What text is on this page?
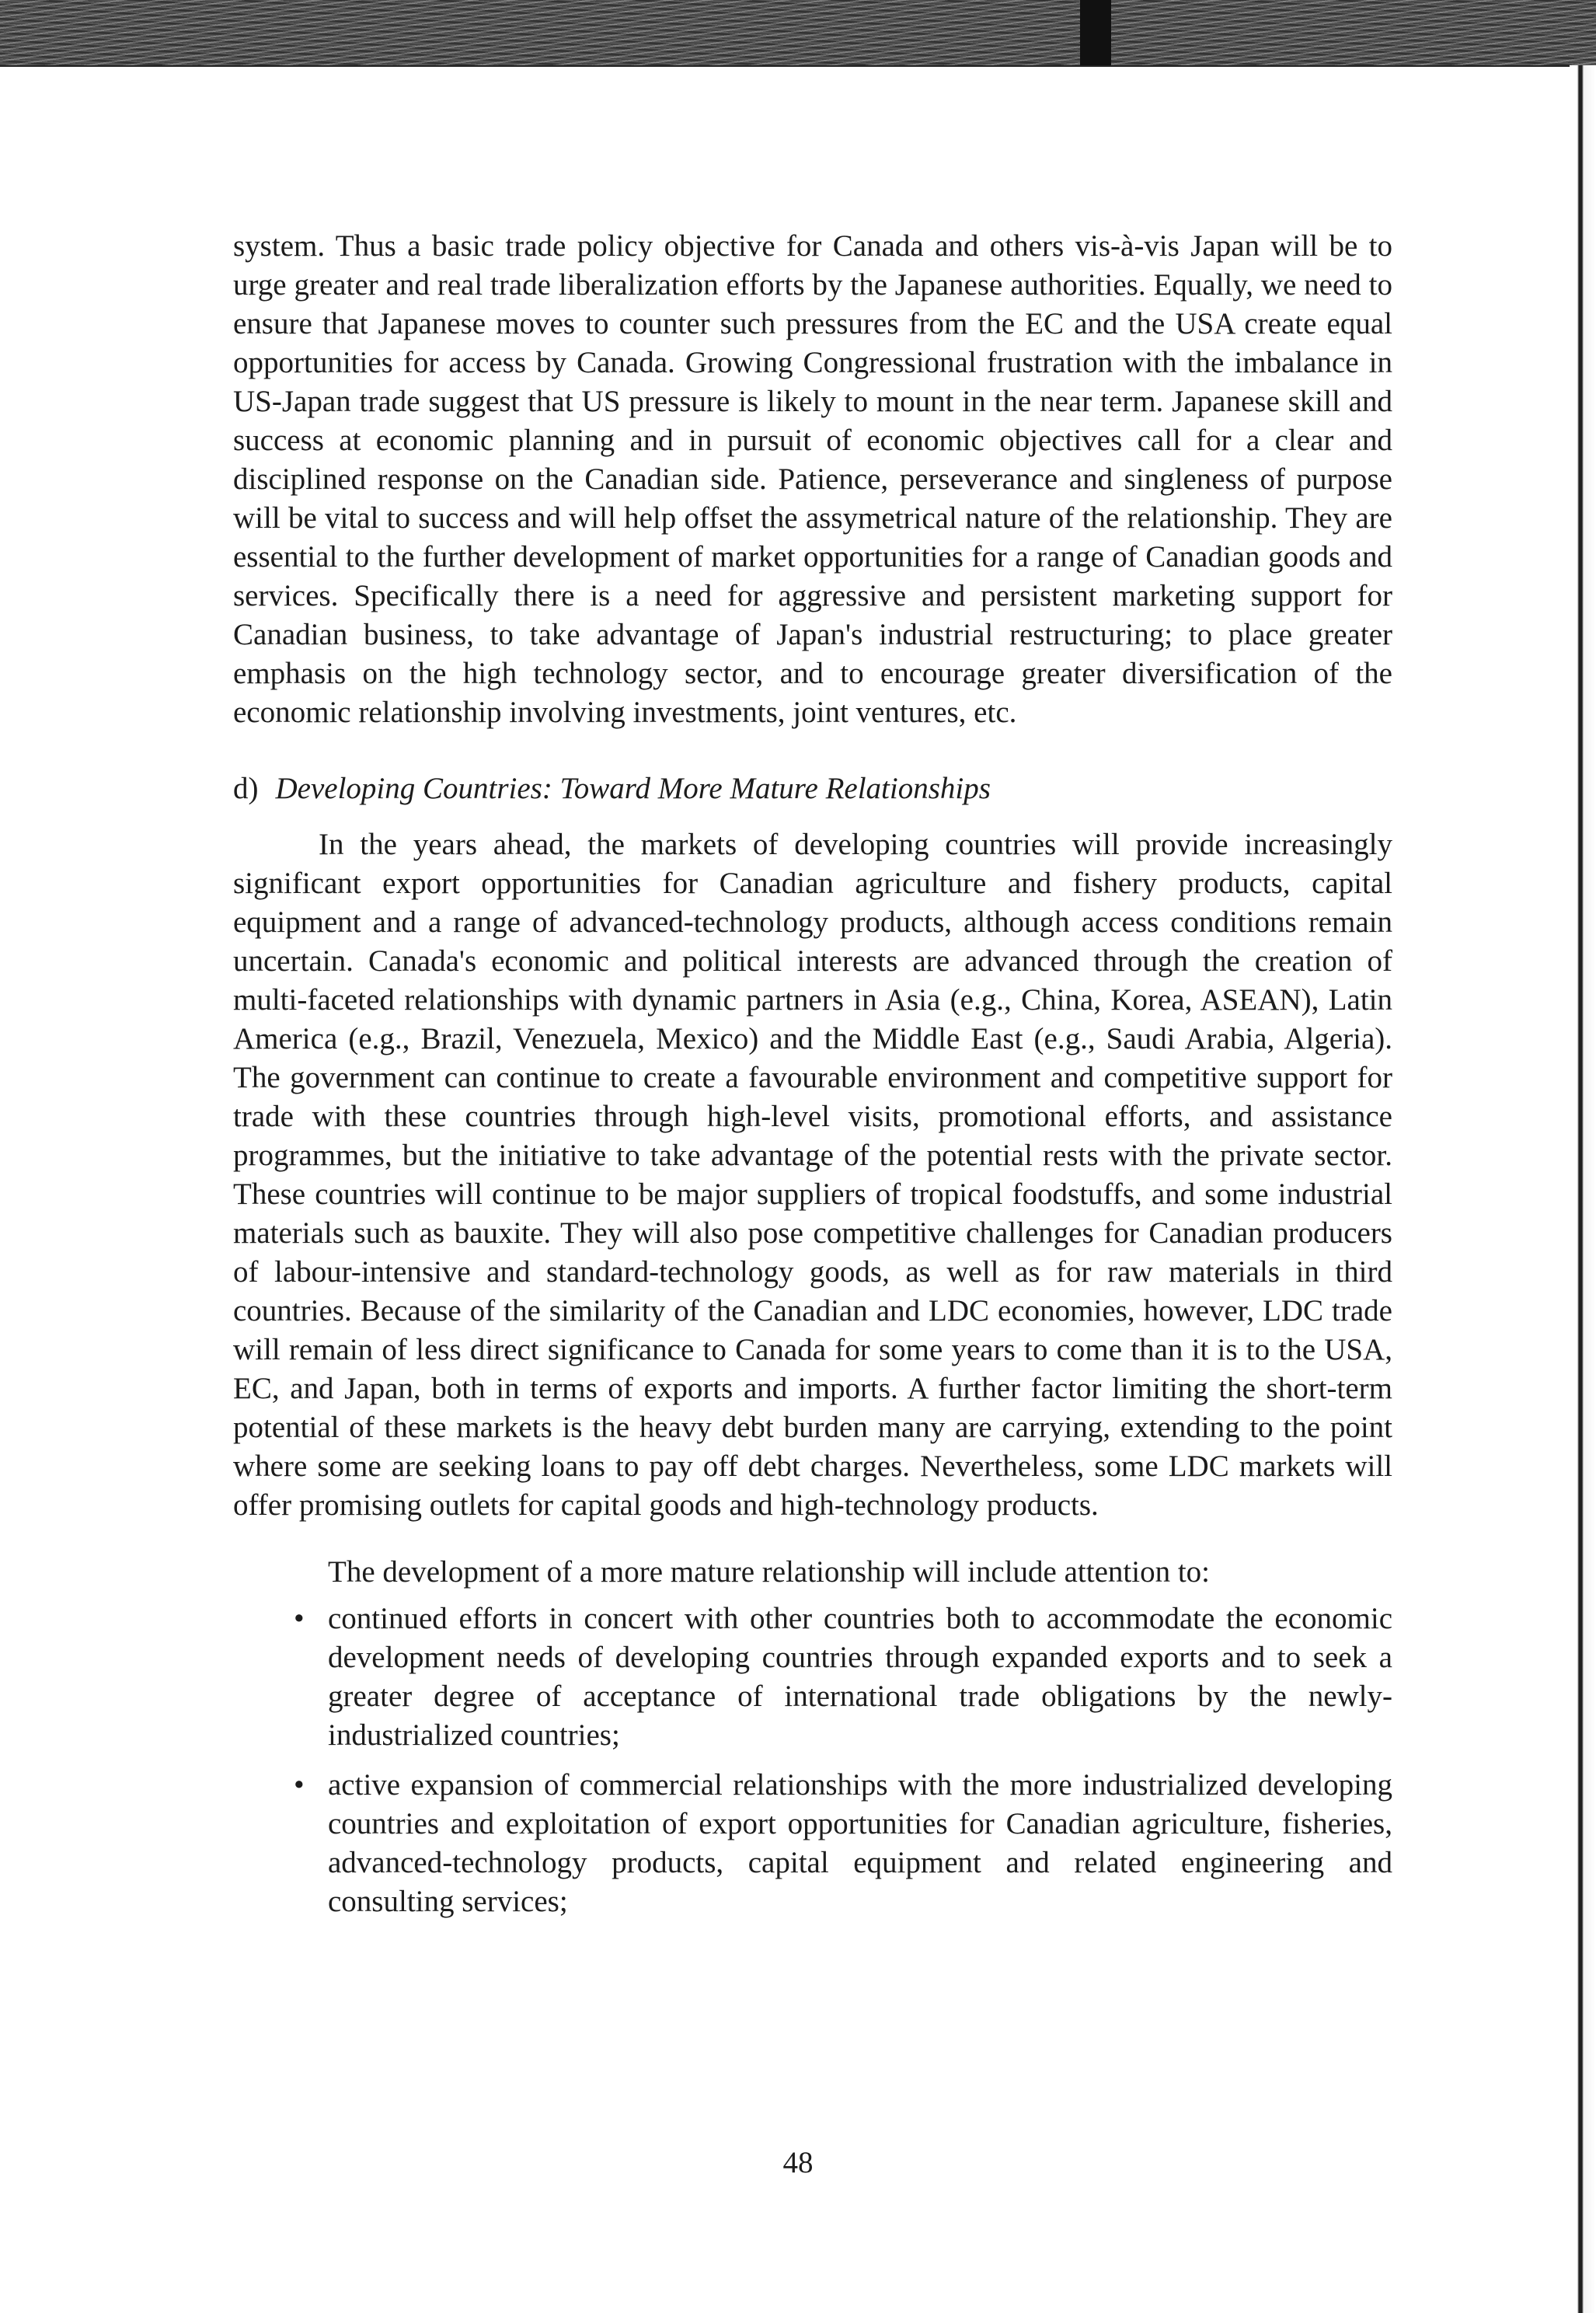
system. Thus a basic trade policy objective for Canada and others vis-à-vis Japan will be to urge greater and real trade liberalization efforts by the Japanese authorities. Equally, we need to ensure that Japanese moves to counter such pressures from the EC and the USA create equal opportunities for access by Canada. Growing Congressional frustration with the imbalance in US-Japan trade suggest that US pressure is likely to mount in the near term. Japanese skill and success at economic planning and in pursuit of economic objectives call for a clear and disciplined response on the Canadian side. Patience, perseverance and singleness of purpose will be vital to success and will help offset the assymetrical nature of the relationship. They are essential to the further development of market opportunities for a range of Canadian goods and services. Specifically there is a need for aggressive and persistent marketing support for Canadian business, to take advantage of Japan's industrial restructuring; to place greater emphasis on the high technology sector, and to encourage greater diversification of the economic relationship involving investments, joint ventures, etc.

d) Developing Countries: Toward More Mature Relationships

In the years ahead, the markets of developing countries will provide increasingly significant export opportunities for Canadian agriculture and fishery products, capital equipment and a range of advanced-technology products, although access conditions remain uncertain. Canada's economic and political interests are advanced through the creation of multi-faceted relationships with dynamic partners in Asia (e.g., China, Korea, ASEAN), Latin America (e.g., Brazil, Venezuela, Mexico) and the Middle East (e.g., Saudi Arabia, Algeria). The government can continue to create a favourable environment and competitive support for trade with these countries through high-level visits, promotional efforts, and assistance programmes, but the initiative to take advantage of the potential rests with the private sector. These countries will continue to be major suppliers of tropical foodstuffs, and some industrial materials such as bauxite. They will also pose competitive challenges for Canadian producers of labour-intensive and standard-technology goods, as well as for raw materials in third countries. Because of the similarity of the Canadian and LDC economies, however, LDC trade will remain of less direct significance to Canada for some years to come than it is to the USA, EC, and Japan, both in terms of exports and imports. A further factor limiting the short-term potential of these markets is the heavy debt burden many are carrying, extending to the point where some are seeking loans to pay off debt charges. Nevertheless, some LDC markets will offer promising outlets for capital goods and high-technology products.

The development of a more mature relationship will include attention to:

• continued efforts in concert with other countries both to accommodate the economic development needs of developing countries through expanded exports and to seek a greater degree of acceptance of international trade obligations by the newly-industrialized countries;
• active expansion of commercial relationships with the more industrialized developing countries and exploitation of export opportunities for Canadian agriculture, fisheries, advanced-technology products, capital equipment and related engineering and consulting services;
48
